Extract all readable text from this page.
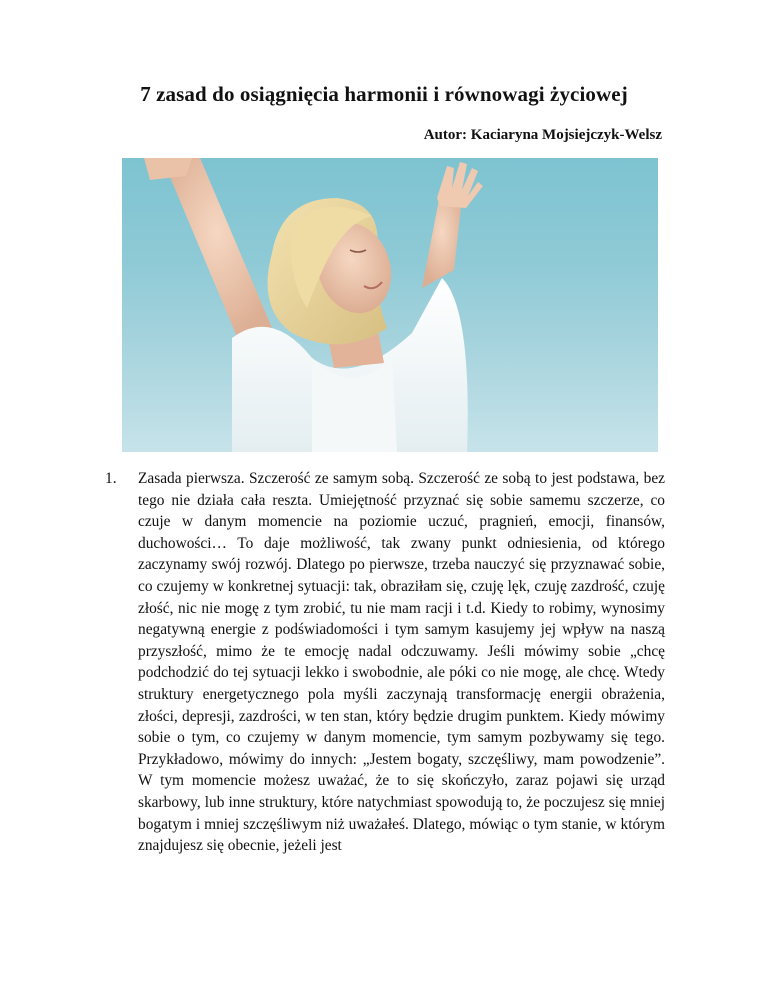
7 zasad do osiągnięcia harmonii i równowagi życiowej

Autor: Kaciaryna Mojsiejczyk-Welsz

1. Zasada pierwsza. Szczerość ze samym sobą. Szczerość ze sobą to jest podstawa, bez tego nie działa cała reszta. Umiejętność przyznać się sobie samemu szczerze, co czuje w danym momencie na poziomie uczuć, pragnień, emocji, finansów, duchowości… To daje możliwość, tak zwany punkt odniesienia, od którego zaczynamy swój rozwój. Dlatego po pierwsze, trzeba nauczyć się przyznawać sobie, co czujemy w konkretnej sytuacji: tak, obraziłam się, czuję lęk, czuję zazdrość, czuję złość, nic nie mogę z tym zrobić, tu nie mam racji i t.d. Kiedy to robimy, wynosimy negatywną energie z podświadomości i tym samym kasujemy jej wpływ na naszą przyszłość, mimo że te emocję nadal odczuwamy. Jeśli mówimy sobie „chcę podchodzić do tej sytuacji lekko i swobodnie, ale póki co nie mogę, ale chcę. Wtedy struktury energetycznego pola myśli zaczynają transformację energii obrażenia, złości, depresji, zazdrości, w ten stan, który będzie drugim punktem. Kiedy mówimy sobie o tym, co czujemy w danym momencie, tym samym pozbywamy się tego. Przykładowo, mówimy do innych: „Jestem bogaty, szczęśliwy, mam powodzenie”. W tym momencie możesz uważać, że to się skończyło, zaraz pojawi się urząd skarbowy, lub inne struktury, które natychmiast spowodują to, że poczujesz się mniej bogatym i mniej szczęśliwym niż uważałeś. Dlatego, mówiąc o tym stanie, w którym znajdujesz się obecnie, jeżeli jest
